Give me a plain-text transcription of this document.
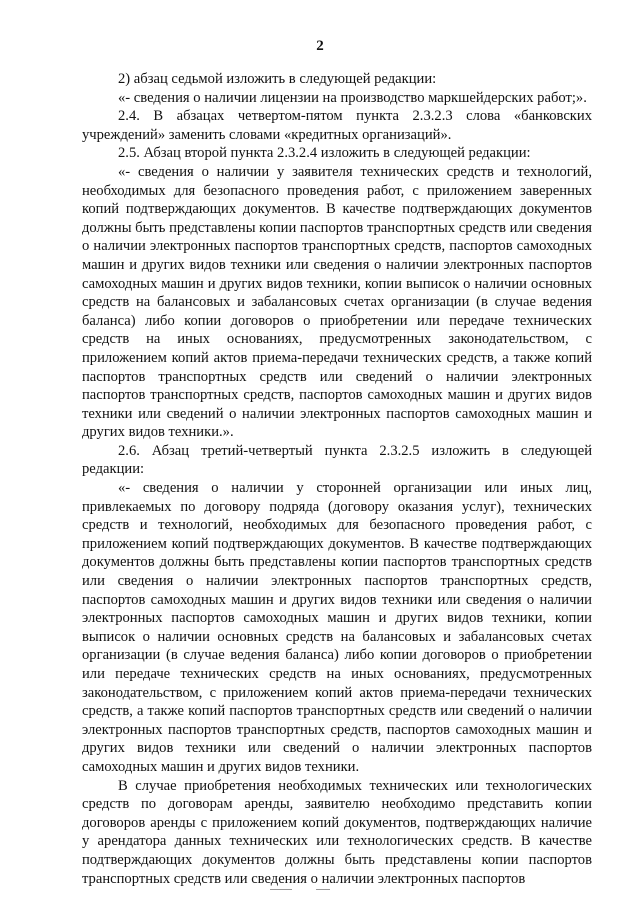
2

2) абзац седьмой изложить в следующей редакции:

«- сведения о наличии лицензии на производство маркшейдерских работ;».

2.4. В абзацах четвертом-пятом пункта 2.3.2.3 слова «банковских учреждений» заменить словами «кредитных организаций».

2.5. Абзац второй пункта 2.3.2.4 изложить в следующей редакции:

«- сведения о наличии у заявителя технических средств и технологий, необходимых для безопасного проведения работ, с приложением заверенных копий подтверждающих документов. В качестве подтверждающих документов должны быть представлены копии паспортов транспортных средств или сведения о наличии электронных паспортов транспортных средств, паспортов самоходных машин и других видов техники или сведения о наличии электронных паспортов самоходных машин и других видов техники, копии выписок о наличии основных средств на балансовых и забалансовых счетах организации (в случае ведения баланса) либо копии договоров о приобретении или передаче технических средств на иных основаниях, предусмотренных законодательством, с приложением копий актов приема-передачи технических средств, а также копий паспортов транспортных средств или сведений о наличии электронных паспортов транспортных средств, паспортов самоходных машин и других видов техники или сведений о наличии электронных паспортов самоходных машин и других видов техники.».

2.6. Абзац третий-четвертый пункта 2.3.2.5 изложить в следующей редакции:

«- сведения о наличии у сторонней организации или иных лиц, привлекаемых по договору подряда (договору оказания услуг), технических средств и технологий, необходимых для безопасного проведения работ, с приложением копий подтверждающих документов. В качестве подтверждающих документов должны быть представлены копии паспортов транспортных средств или сведения о наличии электронных паспортов транспортных средств, паспортов самоходных машин и других видов техники или сведения о наличии электронных паспортов самоходных машин и других видов техники, копии выписок о наличии основных средств на балансовых и забалансовых счетах организации (в случае ведения баланса) либо копии договоров о приобретении или передаче технических средств на иных основаниях, предусмотренных законодательством, с приложением копий актов приема-передачи технических средств, а также копий паспортов транспортных средств или сведений о наличии электронных паспортов транспортных средств, паспортов самоходных машин и других видов техники или сведений о наличии электронных паспортов самоходных машин и других видов техники.

В случае приобретения необходимых технических или технологических средств по договорам аренды, заявителю необходимо представить копии договоров аренды с приложением копий документов, подтверждающих наличие у арендатора данных технических или технологических средств. В качестве подтверждающих документов должны быть представлены копии паспортов транспортных средств или сведения о наличии электронных паспортов
